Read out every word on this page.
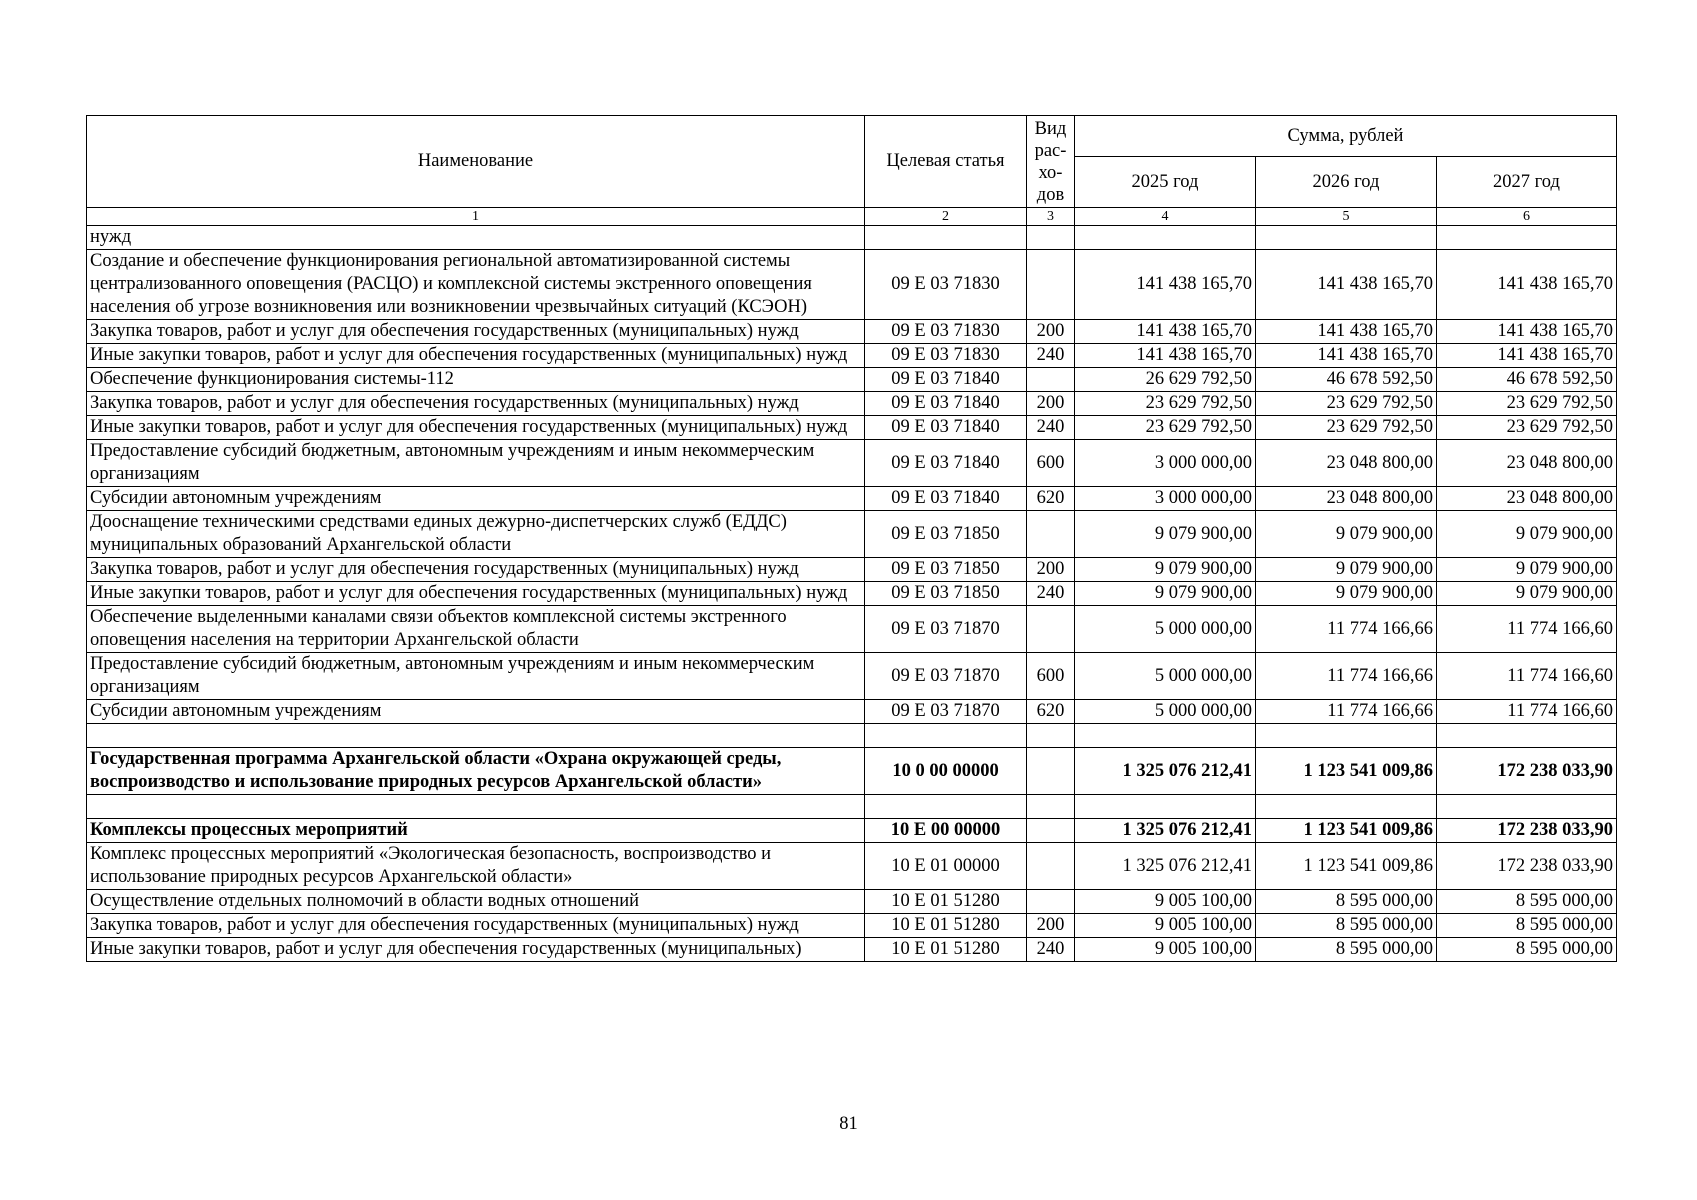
Наименование	Целевая статья	Вид рас- хо- дов	Сумма, рублей		
			2025 год	2026 год	2027 год
1	2	3	4	5	6
нужд					
Создание и обеспечение функционирования региональной автоматизированной системы централизованного оповещения (РАСЦО) и комплексной системы экстренного оповещения населения об угрозе возникновения или возникновении чрезвычайных ситуаций (КСЭОН)	09 Е 03 71830		141 438 165,70	141 438 165,70	141 438 165,70
Закупка товаров, работ и услуг для обеспечения государственных (муниципальных) нужд	09 Е 03 71830	200	141 438 165,70	141 438 165,70	141 438 165,70
Иные закупки товаров, работ и услуг для обеспечения государственных (муниципальных) нужд	09 Е 03 71830	240	141 438 165,70	141 438 165,70	141 438 165,70
Обеспечение функционирования системы-112	09 Е 03 71840		26 629 792,50	46 678 592,50	46 678 592,50
Закупка товаров, работ и услуг для обеспечения государственных (муниципальных) нужд	09 Е 03 71840	200	23 629 792,50	23 629 792,50	23 629 792,50
Иные закупки товаров, работ и услуг для обеспечения государственных (муниципальных) нужд	09 Е 03 71840	240	23 629 792,50	23 629 792,50	23 629 792,50
Предоставление субсидий бюджетным, автономным учреждениям и иным некоммерческим организациям	09 Е 03 71840	600	3 000 000,00	23 048 800,00	23 048 800,00
Субсидии автономным учреждениям	09 Е 03 71840	620	3 000 000,00	23 048 800,00	23 048 800,00
Дооснащение техническими средствами единых дежурно-диспетчерских служб (ЕДДС) муниципальных образований Архангельской области	09 Е 03 71850		9 079 900,00	9 079 900,00	9 079 900,00
Закупка товаров, работ и услуг для обеспечения государственных (муниципальных) нужд	09 Е 03 71850	200	9 079 900,00	9 079 900,00	9 079 900,00
Иные закупки товаров, работ и услуг для обеспечения государственных (муниципальных) нужд	09 Е 03 71850	240	9 079 900,00	9 079 900,00	9 079 900,00
Обеспечение выделенными каналами связи объектов комплексной системы экстренного оповещения населения на территории Архангельской области	09 Е 03 71870		5 000 000,00	11 774 166,66	11 774 166,60
Предоставление субсидий бюджетным, автономным учреждениям и иным некоммерческим организациям	09 Е 03 71870	600	5 000 000,00	11 774 166,66	11 774 166,60
Субсидии автономным учреждениям	09 Е 03 71870	620	5 000 000,00	11 774 166,66	11 774 166,60

Государственная программа Архангельской области «Охрана окружающей среды, воспроизводство и использование природных ресурсов Архангельской области»	10 0 00 00000		1 325 076 212,41	1 123 541 009,86	172 238 033,90

Комплексы процессных мероприятий	10 Е 00 00000		1 325 076 212,41	1 123 541 009,86	172 238 033,90
Комплекс процессных мероприятий «Экологическая безопасность, воспроизводство и использование природных ресурсов Архангельской области»	10 Е 01 00000		1 325 076 212,41	1 123 541 009,86	172 238 033,90
Осуществление отдельных полномочий в области водных отношений	10 Е 01 51280		9 005 100,00	8 595 000,00	8 595 000,00
Закупка товаров, работ и услуг для обеспечения государственных (муниципальных) нужд	10 Е 01 51280	200	9 005 100,00	8 595 000,00	8 595 000,00
Иные закупки товаров, работ и услуг для обеспечения государственных (муниципальных)	10 Е 01 51280	240	9 005 100,00	8 595 000,00	8 595 000,00
81
